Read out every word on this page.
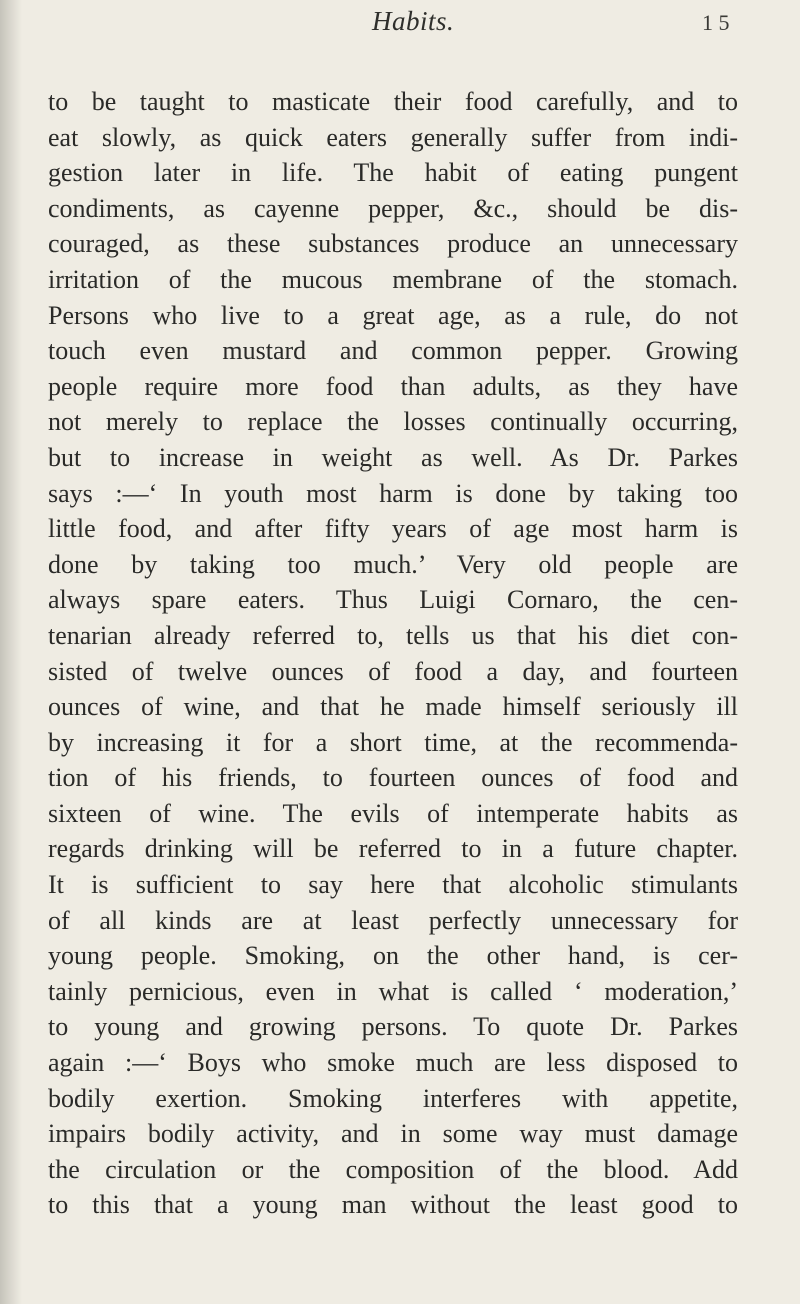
Habits.	1 5
to be taught to masticate their food carefully, and to
eat slowly, as quick eaters generally suffer from indi-
gestion later in life. The habit of eating pungent
condiments, as cayenne pepper, &c., should be dis-
couraged, as these substances produce an unnecessary
irritation of the mucous membrane of the stomach.
Persons who live to a great age, as a rule, do not
touch even mustard and common pepper. Growing
people require more food than adults, as they have
not merely to replace the losses continually occurring,
but to increase in weight as well. As Dr. Parkes
says :—‘ In youth most harm is done by taking too
little food, and after fifty years of age most harm is
done by taking too much.’ Very old people are
always spare eaters. Thus Luigi Cornaro, the cen-
tenarian already referred to, tells us that his diet con-
sisted of twelve ounces of food a day, and fourteen
ounces of wine, and that he made himself seriously ill
by increasing it for a short time, at the recommenda-
tion of his friends, to fourteen ounces of food and
sixteen of wine. The evils of intemperate habits as
regards drinking will be referred to in a future chapter.
It is sufficient to say here that alcoholic stimulants
of all kinds are at least perfectly unnecessary for
young people. Smoking, on the other hand, is cer-
tainly pernicious, even in what is called ‘ moderation,’
to young and growing persons. To quote Dr. Parkes
again :—‘ Boys who smoke much are less disposed to
bodily exertion. Smoking interferes with appetite,
impairs bodily activity, and in some way must damage
the circulation or the composition of the blood. Add
to this that a young man without the least good to
